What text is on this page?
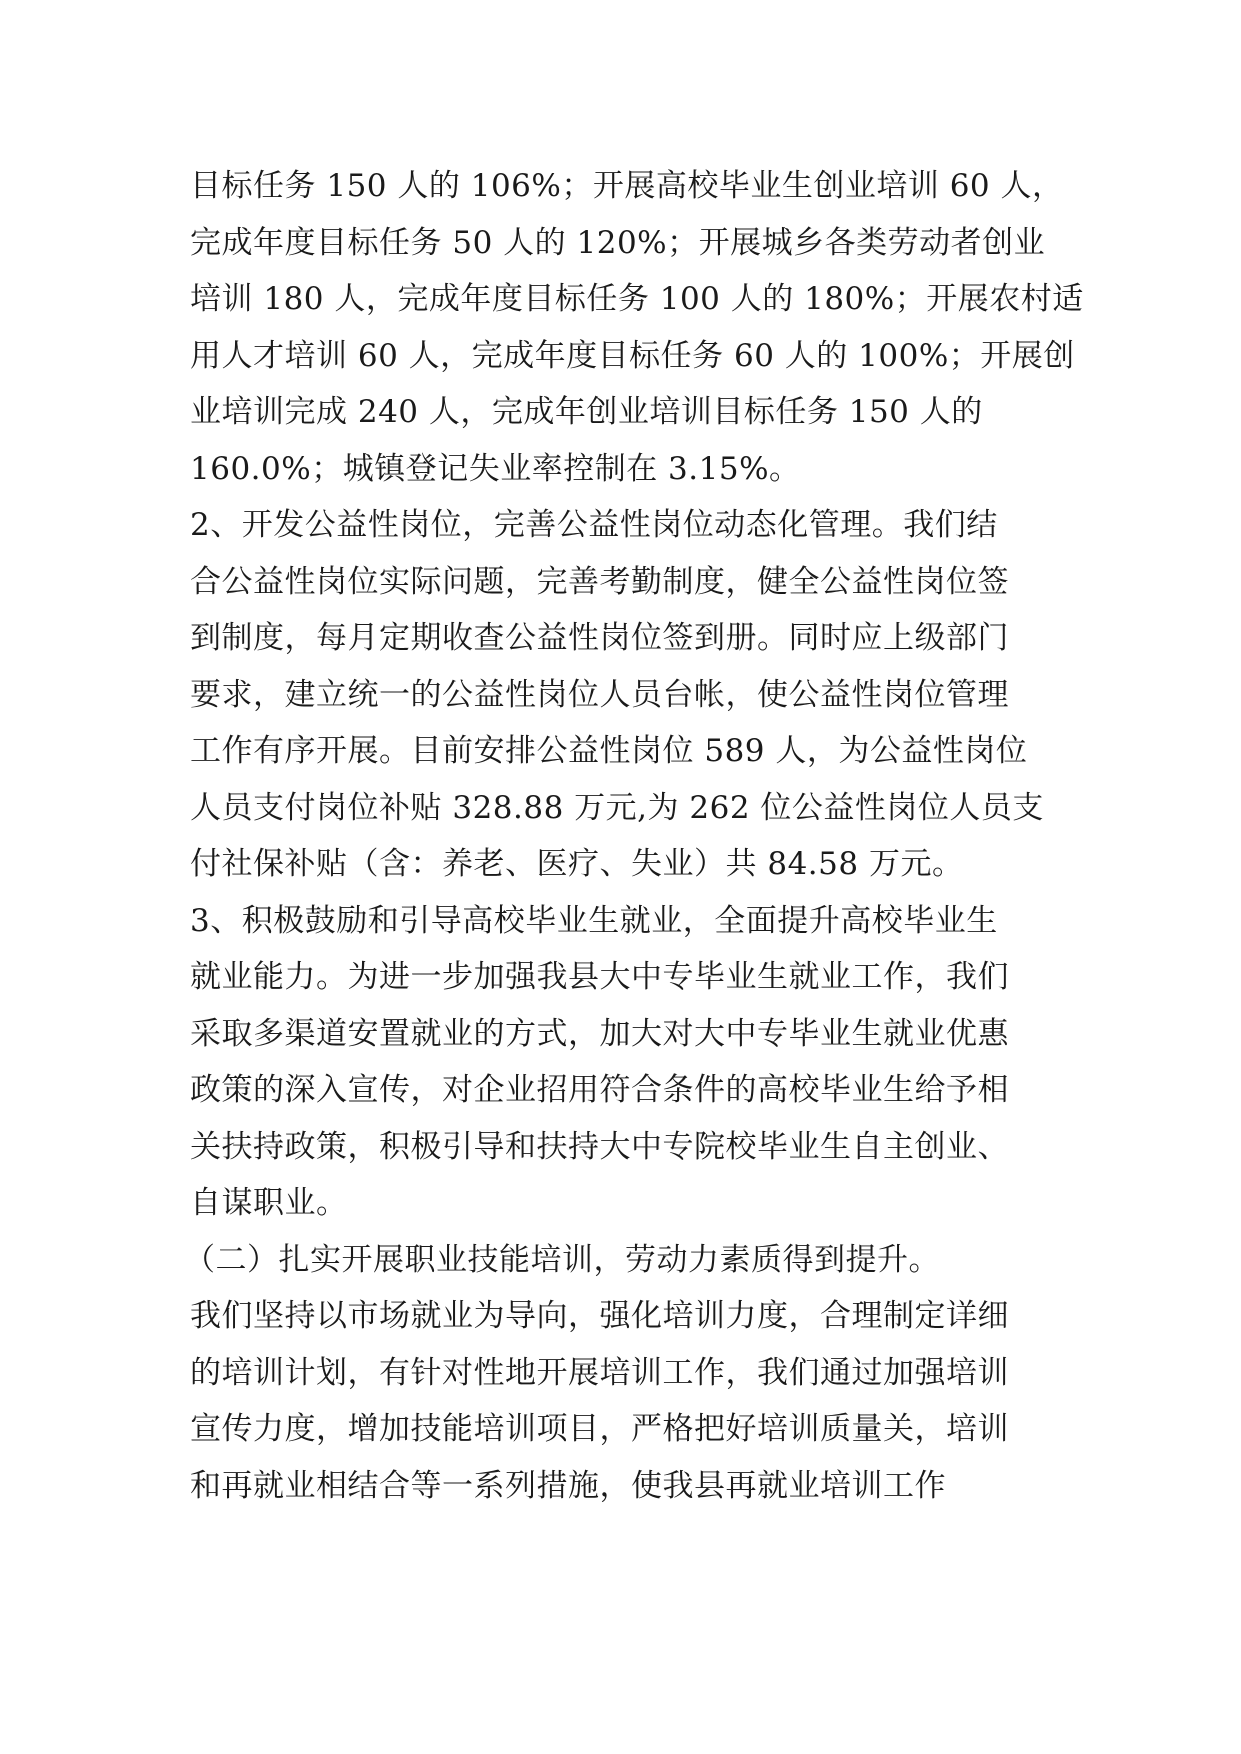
目标任务 150 人的 106%；开展高校毕业生创业培训 60 人，
完成年度目标任务 50 人的 120%；开展城乡各类劳动者创业
培训 180 人，完成年度目标任务 100 人的 180%；开展农村适
用人才培训 60 人，完成年度目标任务 60 人的 100%；开展创
业培训完成 240 人，完成年创业培训目标任务 150 人的
160.0%；城镇登记失业率控制在 3.15%。
2、开发公益性岗位，完善公益性岗位动态化管理。我们结
合公益性岗位实际问题，完善考勤制度，健全公益性岗位签
到制度，每月定期收查公益性岗位签到册。同时应上级部门
要求，建立统一的公益性岗位人员台帐，使公益性岗位管理
工作有序开展。目前安排公益性岗位 589 人，为公益性岗位
人员支付岗位补贴 328.88 万元,为 262 位公益性岗位人员支
付社保补贴（含：养老、医疗、失业）共 84.58 万元。
3、积极鼓励和引导高校毕业生就业，全面提升高校毕业生
就业能力。为进一步加强我县大中专毕业生就业工作，我们
采取多渠道安置就业的方式，加大对大中专毕业生就业优惠
政策的深入宣传，对企业招用符合条件的高校毕业生给予相
关扶持政策，积极引导和扶持大中专院校毕业生自主创业、
自谋职业。
（二）扎实开展职业技能培训，劳动力素质得到提升。
我们坚持以市场就业为导向，强化培训力度，合理制定详细
的培训计划，有针对性地开展培训工作，我们通过加强培训
宣传力度，增加技能培训项目，严格把好培训质量关，培训
和再就业相结合等一系列措施，使我县再就业培训工作
